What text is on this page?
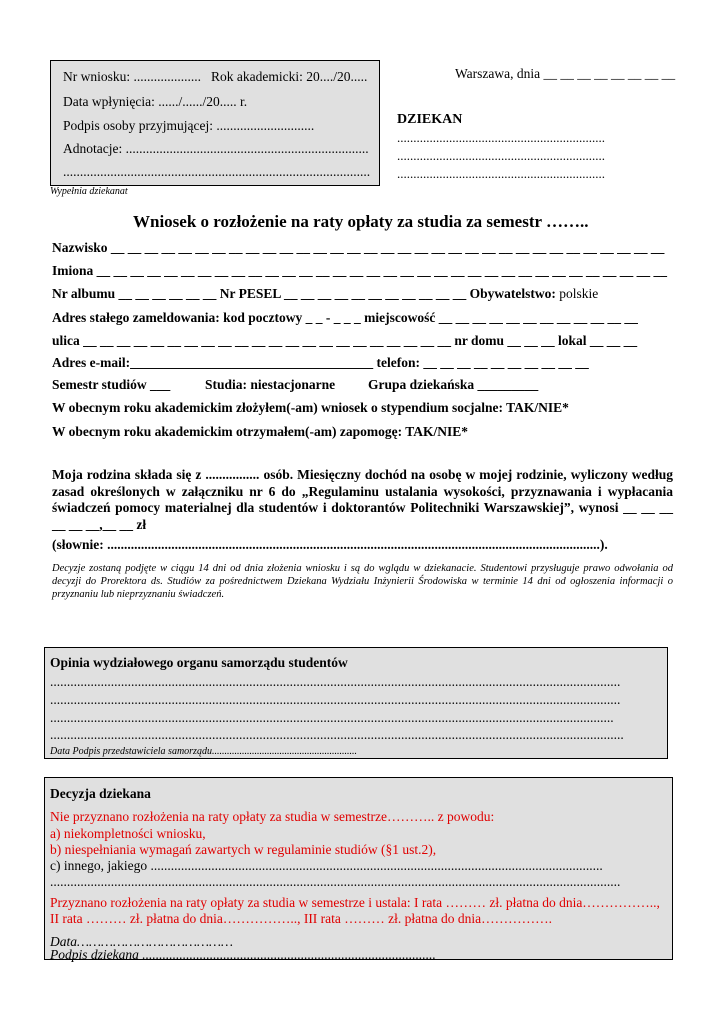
Nr wniosku: .................... Rok akademicki: 20..../20.....
Data wpłynięcia: ....../....../20..... r.
Podpis osoby przyjmującej: .............................
Adnotacje: ........................................................................
...........................................................................................
Wypełnia dziekanat
Warszawa, dnia __ __ __ __ __ __ __ __
DZIEKAN
................................................................
................................................................
................................................................
Wniosek o rozłożenie na raty opłaty za studia za semestr ……..
Nazwisko __ __ __ __ __ __ __ __ __ __ __ __ __ __ __ __ __ __ __ __ __ __ __ __ __ __ __ __ __ __ __ __ __
Imiona __ __ __ __ __ __ __ __ __ __ __ __ __ __ __ __ __ __ __ __ __ __ __ __ __ __ __ __ __ __ __ __ __ __
Nr albumu __ __ __ __ __ __ Nr PESEL __ __ __ __ __ __ __ __ __ __ __ Obywatelstwo: polskie
Adres stałego zameldowania: kod pocztowy _ _ - _ _ _ miejscowość __ __ __ __ __ __ __ __ __ __ __ __
ulica __ __ __ __ __ __ __ __ __ __ __ __ __ __ __ __ __ __ __ __ __ __ nr domu __ __ __ lokal __ __ __
Adres e-mail:____________________________________ telefon: __ __ __ __ __ __ __ __ __ __
Semestr studiów ___	Studia: niestacjonarne Grupa dziekańska _________
W obecnym roku akademickim złożyłem(-am) wniosek o stypendium socjalne: TAK/NIE*
W obecnym roku akademickim otrzymałem(-am) zapomogę: TAK/NIE*
Moja rodzina składa się z ................ osób. Miesięczny dochód na osobę w mojej rodzinie, wyliczony według zasad określonych w załączniku nr 6 do „Regulaminu ustalania wysokości, przyznawania i wypłacania świadczeń pomocy materialnej dla studentów i doktorantów Politechniki Warszawskiej”, wynosi __ __ __ __ __ __,__ __ zł
(słownie: ..................................................................................................................................................).
Decyzje zostaną podjęte w ciągu 14 dni od dnia złożenia wniosku i są do wglądu w dziekanacie. Studentowi przysługuje prawo odwołania od decyzji do Prorektora ds. Studiów za pośrednictwem Dziekana Wydziału Inżynierii Środowiska w terminie 14 dni od ogłoszenia informacji o przyznaniu lub nieprzyznaniu świadczeń.
Opinia wydziałowego organu samorządu studentów
.........................................................................................................................................................................
.........................................................................................................................................................................
.......................................................................................................................................................................
..........................................................................................................................................................................
Data Podpis przedstawiciela samorządu..........................................................
Decyzja dziekana
Nie przyznano rozłożenia na raty opłaty za studia w semestrze……….. z powodu:
a) niekompletności wniosku,
b) niespełniania wymagań zawartych w regulaminie studiów (§1 ust.2),
c) innego, jakiego ......................................................................................................................................
.........................................................................................................................................................................
Przyznano rozłożenia na raty opłaty za studia w semestrze i ustala: I rata ……… zł. płatna do dnia……………..,
II rata ……… zł. płatna do dnia…………….., III rata ……… zł. płatna do dnia…………….
Data…………………………………
Podpis dziekana .......................................................................................
